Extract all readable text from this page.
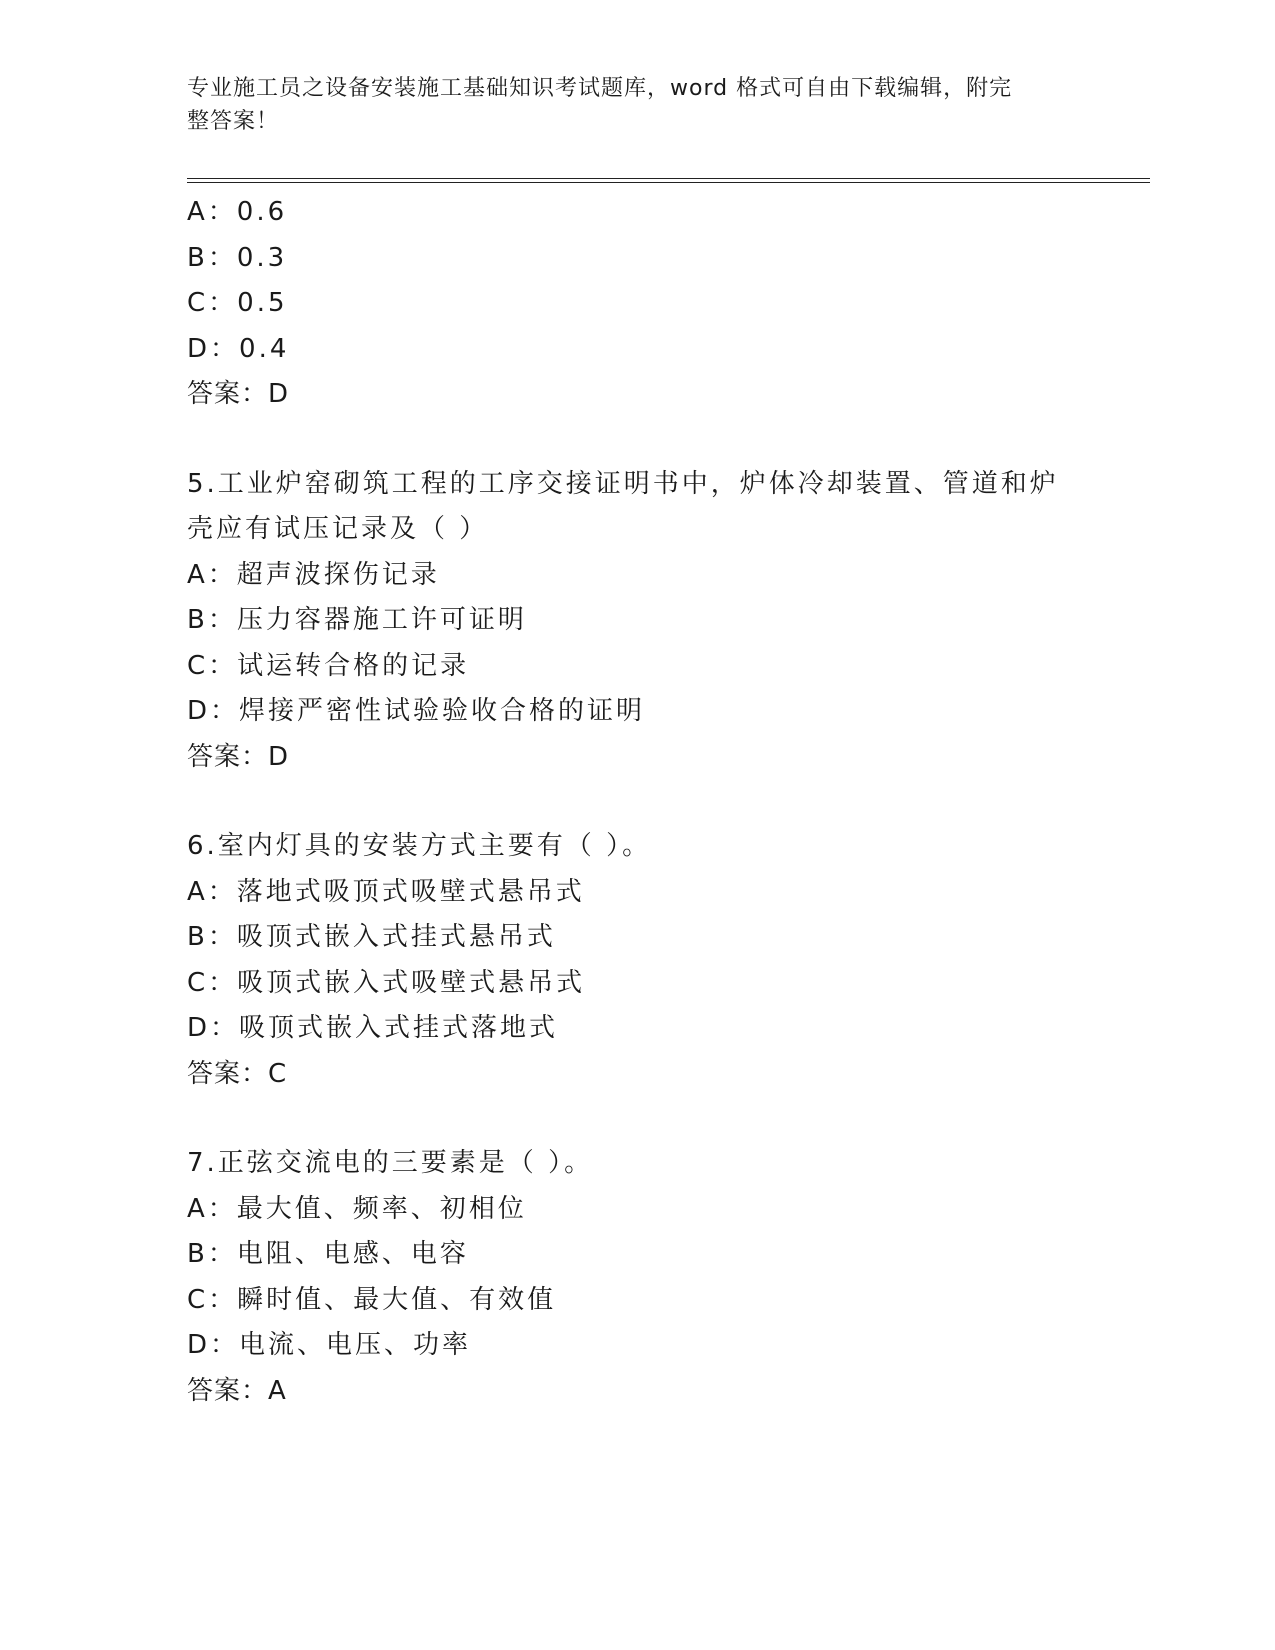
专业施工员之设备安装施工基础知识考试题库，word 格式可自由下载编辑，附完
整答案！
A：0.6
B：0.3
C：0.5
D：0.4
答案：D
5.工业炉窑砌筑工程的工序交接证明书中，炉体冷却装置、管道和炉
壳应有试压记录及（ ）
A：超声波探伤记录
B：压力容器施工许可证明
C：试运转合格的记录
D：焊接严密性试验验收合格的证明
答案：D
6.室内灯具的安装方式主要有（ ）。
A：落地式吸顶式吸壁式悬吊式
B：吸顶式嵌入式挂式悬吊式
C：吸顶式嵌入式吸壁式悬吊式
D：吸顶式嵌入式挂式落地式
答案：C
7.正弦交流电的三要素是（ ）。
A：最大值、频率、初相位
B：电阻、电感、电容
C：瞬时值、最大值、有效值
D：电流、电压、功率
答案：A
